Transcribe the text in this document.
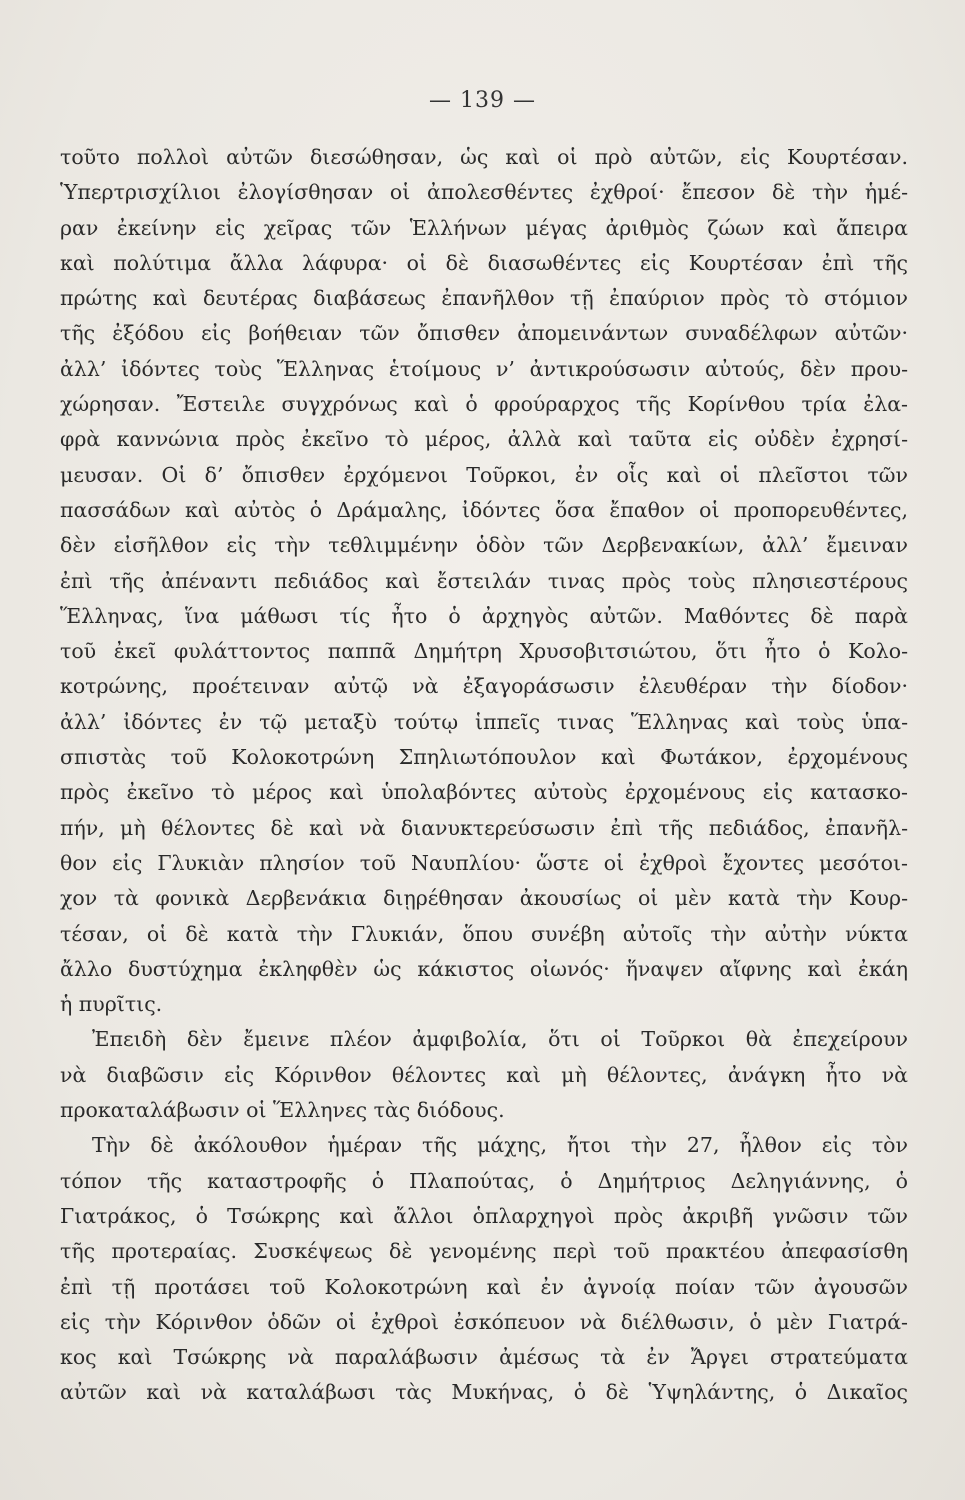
— 139 —
τοῦτο πολλοὶ αὐτῶν διεσώθησαν, ὡς καὶ οἱ πρὸ αὐτῶν, εἰς Κουρτέσαν.
Ὑπερτρισχίλιοι ἐλογίσθησαν οἱ ἀπολεσθέντες ἐχθροί· ἔπεσον δὲ τὴν ἡμέ-
ραν ἐκείνην εἰς χεῖρας τῶν Ἑλλήνων μέγας ἀριθμὸς ζώων καὶ ἄπειρα
καὶ πολύτιμα ἄλλα λάφυρα· οἱ δὲ διασωθέντες εἰς Κουρτέσαν ἐπὶ τῆς
πρώτης καὶ δευτέρας διαβάσεως ἐπανῆλθον τῇ ἐπαύριον πρὸς τὸ στόμιον
τῆς ἐξόδου εἰς βοήθειαν τῶν ὄπισθεν ἀπομεινάντων συναδέλφων αὐτῶν·
ἀλλ’ ἰδόντες τοὺς Ἕλληνας ἑτοίμους ν’ ἀντικρούσωσιν αὐτούς, δὲν πρου-
χώρησαν. Ἔστειλε συγχρόνως καὶ ὁ φρούραρχος τῆς Κορίνθου τρία ἐλα-
φρὰ καννώνια πρὸς ἐκεῖνο τὸ μέρος, ἀλλὰ καὶ ταῦτα εἰς οὐδὲν ἐχρησί-
μευσαν. Οἱ δ’ ὄπισθεν ἐρχόμενοι Τοῦρκοι, ἐν οἷς καὶ οἱ πλεῖστοι τῶν
πασσάδων καὶ αὐτὸς ὁ Δράμαλης, ἰδόντες ὅσα ἔπαθον οἱ προπορευθέντες,
δὲν εἰσῆλθον εἰς τὴν τεθλιμμένην ὁδὸν τῶν Δερβενακίων, ἀλλ’ ἔμειναν
ἐπὶ τῆς ἀπέναντι πεδιάδος καὶ ἔστειλάν τινας πρὸς τοὺς πλησιεστέρους
Ἕλληνας, ἵνα μάθωσι τίς ἦτο ὁ ἀρχηγὸς αὐτῶν. Μαθόντες δὲ παρὰ
τοῦ ἐκεῖ φυλάττοντος παππᾶ Δημήτρη Χρυσοβιτσιώτου, ὅτι ἦτο ὁ Κολο-
κοτρώνης, προέτειναν αὐτῷ νὰ ἐξαγοράσωσιν ἐλευθέραν τὴν δίοδον·
ἀλλ’ ἰδόντες ἐν τῷ μεταξὺ τούτῳ ἱππεῖς τινας Ἕλληνας καὶ τοὺς ὑπα-
σπιστὰς τοῦ Κολοκοτρώνη Σπηλιωτόπουλον καὶ Φωτάκον, ἐρχομένους
πρὸς ἐκεῖνο τὸ μέρος καὶ ὑπολαβόντες αὐτοὺς ἐρχομένους εἰς κατασκο-
πήν, μὴ θέλοντες δὲ καὶ νὰ διανυκτερεύσωσιν ἐπὶ τῆς πεδιάδος, ἐπανῆλ-
θον εἰς Γλυκιὰν πλησίον τοῦ Ναυπλίου· ὥστε οἱ ἐχθροὶ ἔχοντες μεσότοι-
χον τὰ φονικὰ Δερβενάκια διῃρέθησαν ἀκουσίως οἱ μὲν κατὰ τὴν Κουρ-
τέσαν, οἱ δὲ κατὰ τὴν Γλυκιάν, ὅπου συνέβη αὐτοῖς τὴν αὐτὴν νύκτα
ἄλλο δυστύχημα ἐκληφθὲν ὡς κάκιστος οἰωνός· ἥναψεν αἴφνης καὶ ἐκάη
ἡ πυρῖτις.
Ἐπειδὴ δὲν ἔμεινε πλέον ἀμφιβολία, ὅτι οἱ Τοῦρκοι θὰ ἐπεχείρουν
νὰ διαβῶσιν εἰς Κόρινθον θέλοντες καὶ μὴ θέλοντες, ἀνάγκη ἦτο νὰ
προκαταλάβωσιν οἱ Ἕλληνες τὰς διόδους.
Τὴν δὲ ἀκόλουθον ἡμέραν τῆς μάχης, ἤτοι τὴν 27, ἦλθον εἰς τὸν
τόπον τῆς καταστροφῆς ὁ Πλαπούτας, ὁ Δημήτριος Δεληγιάννης, ὁ
Γιατράκος, ὁ Τσώκρης καὶ ἄλλοι ὁπλαρχηγοὶ πρὸς ἀκριβῆ γνῶσιν τῶν
τῆς προτεραίας. Συσκέψεως δὲ γενομένης περὶ τοῦ πρακτέου ἀπεφασίσθη
ἐπὶ τῇ προτάσει τοῦ Κολοκοτρώνη καὶ ἐν ἀγνοίᾳ ποίαν τῶν ἀγουσῶν
εἰς τὴν Κόρινθον ὁδῶν οἱ ἐχθροὶ ἐσκόπευον νὰ διέλθωσιν, ὁ μὲν Γιατρά-
κος καὶ Τσώκρης νὰ παραλάβωσιν ἀμέσως τὰ ἐν Ἄργει στρατεύματα
αὐτῶν καὶ νὰ καταλάβωσι τὰς Μυκήνας, ὁ δὲ Ὑψηλάντης, ὁ Δικαῖος
